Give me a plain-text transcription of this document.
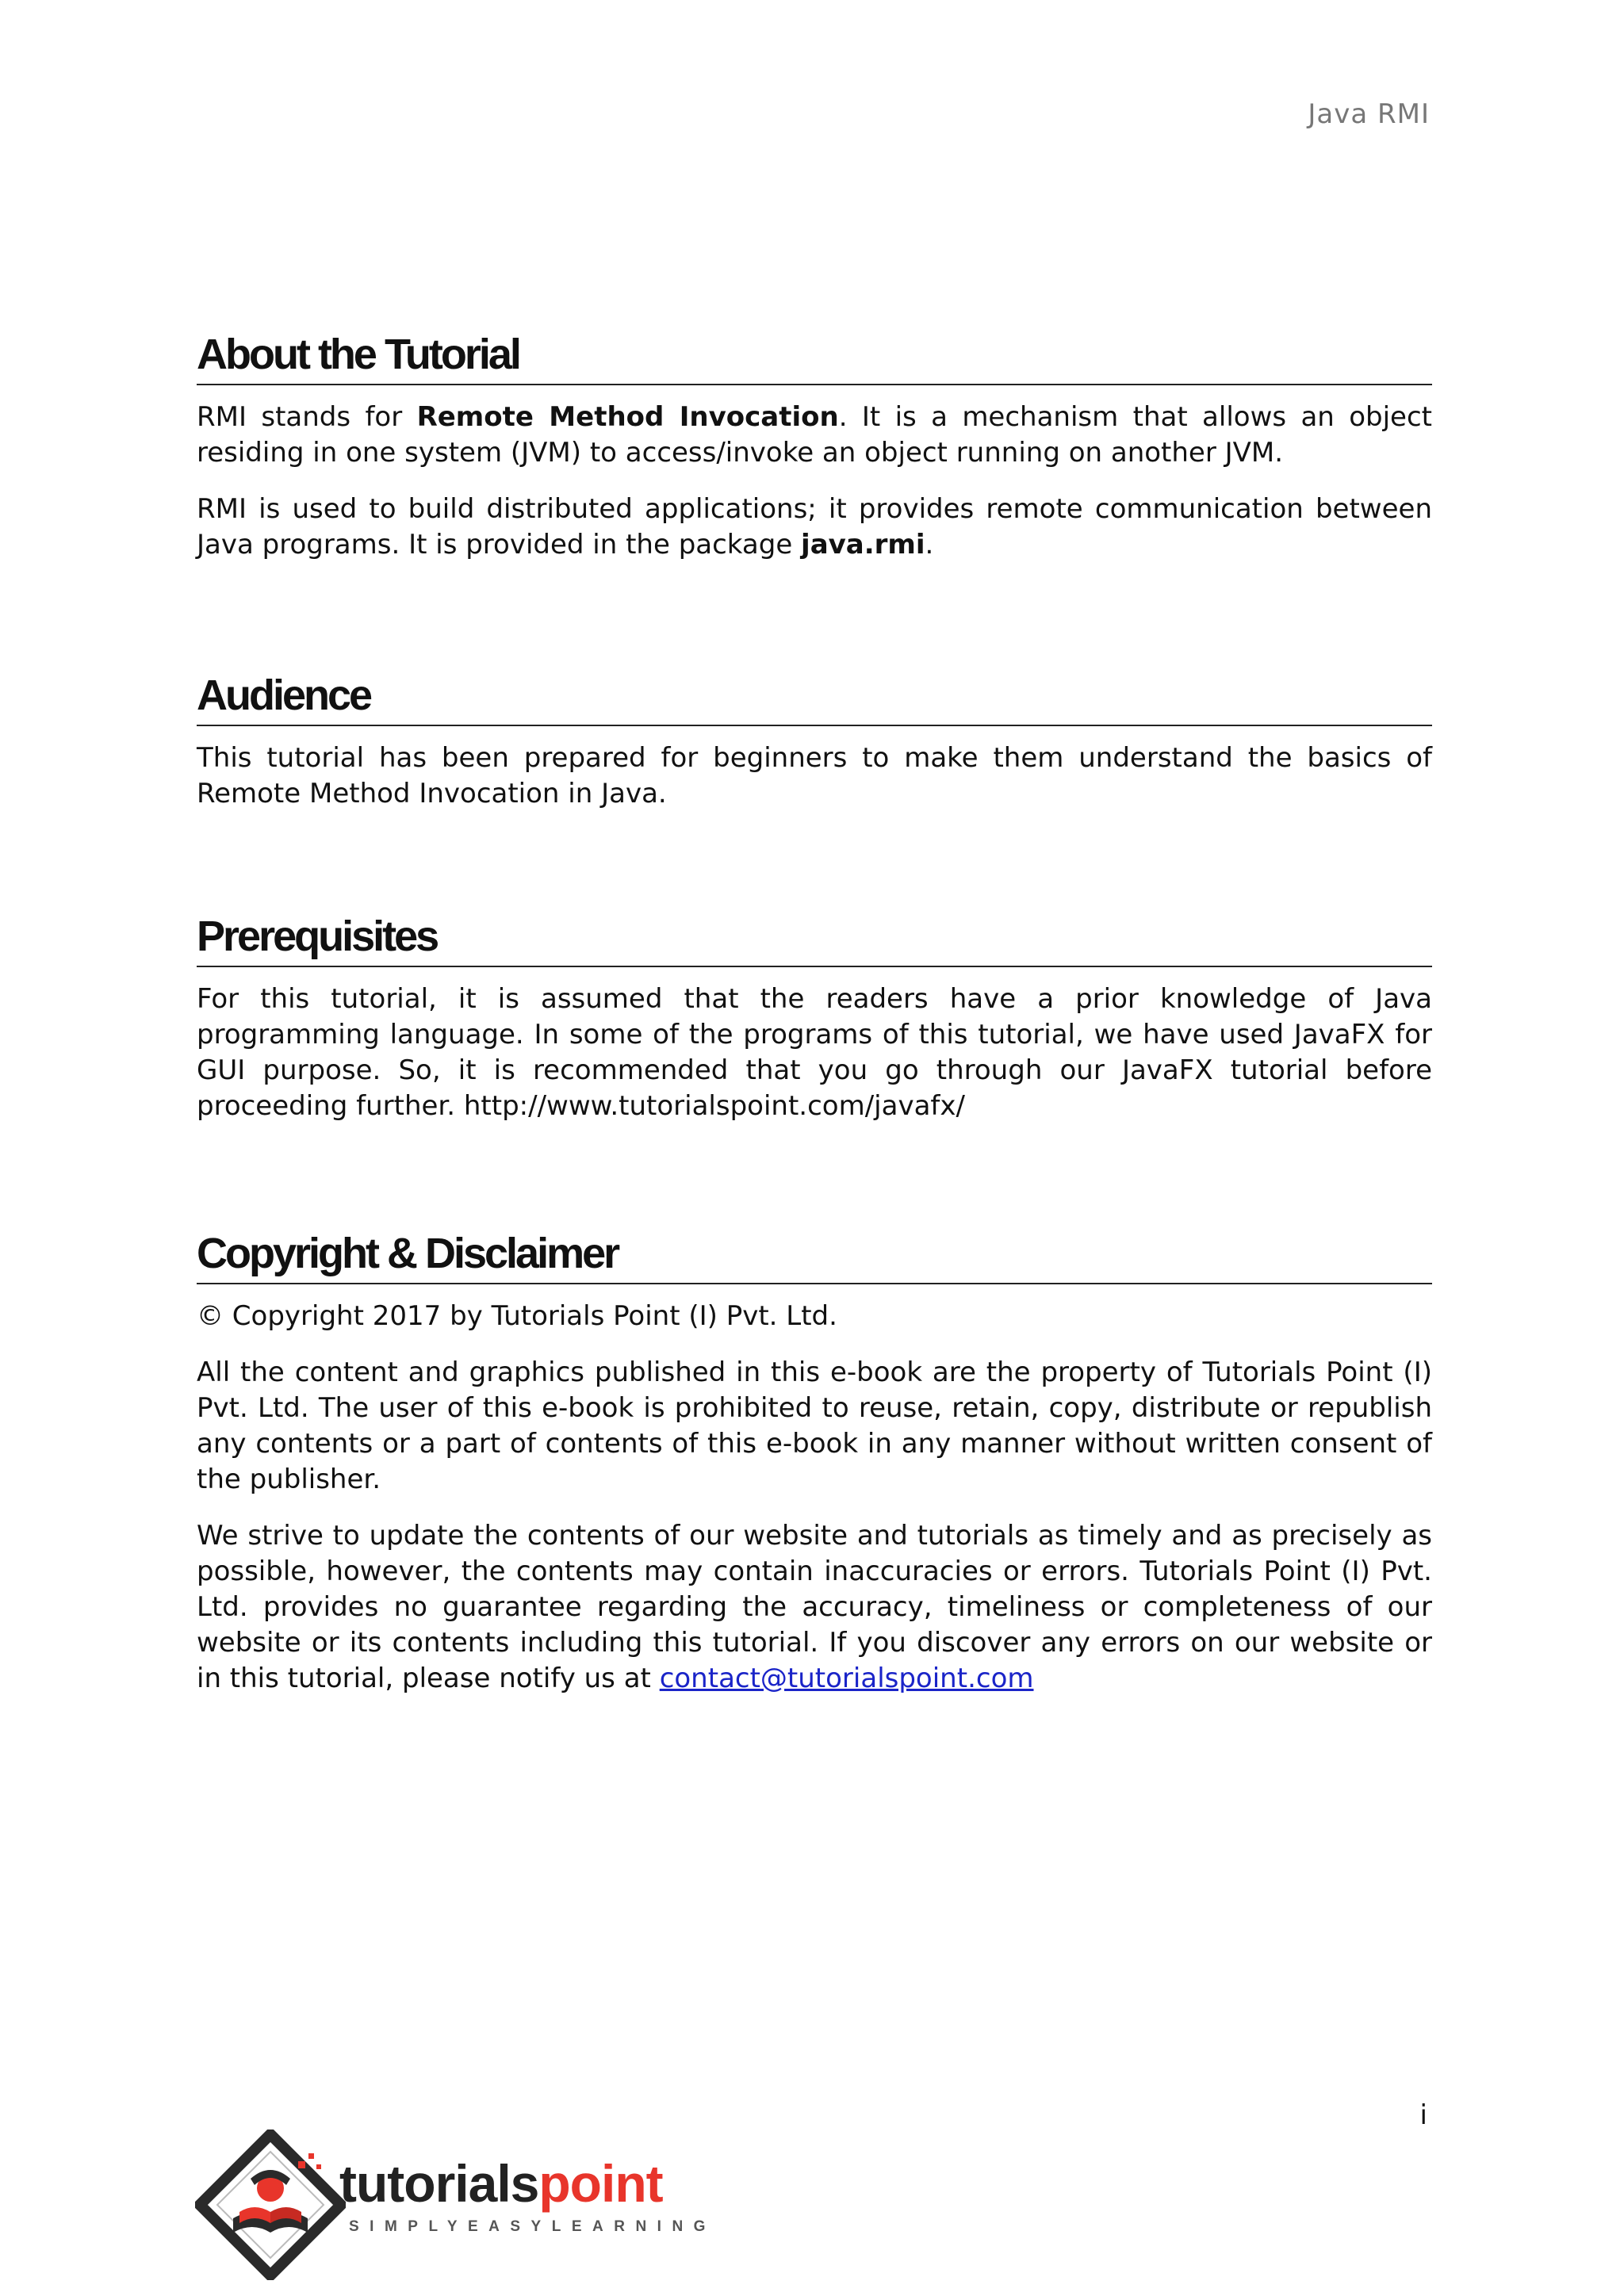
Java RMI
About the Tutorial

RMI stands for Remote Method Invocation. It is a mechanism that allows an object residing in one system (JVM) to access/invoke an object running on another JVM.

RMI is used to build distributed applications; it provides remote communication between Java programs. It is provided in the package java.rmi.

Audience

This tutorial has been prepared for beginners to make them understand the basics of Remote Method Invocation in Java.

Prerequisites

For this tutorial, it is assumed that the readers have a prior knowledge of Java programming language. In some of the programs of this tutorial, we have used JavaFX for GUI purpose. So, it is recommended that you go through our JavaFX tutorial before proceeding further. http://www.tutorialspoint.com/javafx/

Copyright & Disclaimer

© Copyright 2017 by Tutorials Point (I) Pvt. Ltd.

All the content and graphics published in this e-book are the property of Tutorials Point (I) Pvt. Ltd. The user of this e-book is prohibited to reuse, retain, copy, distribute or republish any contents or a part of contents of this e-book in any manner without written consent of the publisher.

We strive to update the contents of our website and tutorials as timely and as precisely as possible, however, the contents may contain inaccuracies or errors. Tutorials Point (I) Pvt. Ltd. provides no guarantee regarding the accuracy, timeliness or completeness of our website or its contents including this tutorial. If you discover any errors on our website or in this tutorial, please notify us at contact@tutorialspoint.com

i
tutorialspoint
SIMPLYEASYLEARNING
